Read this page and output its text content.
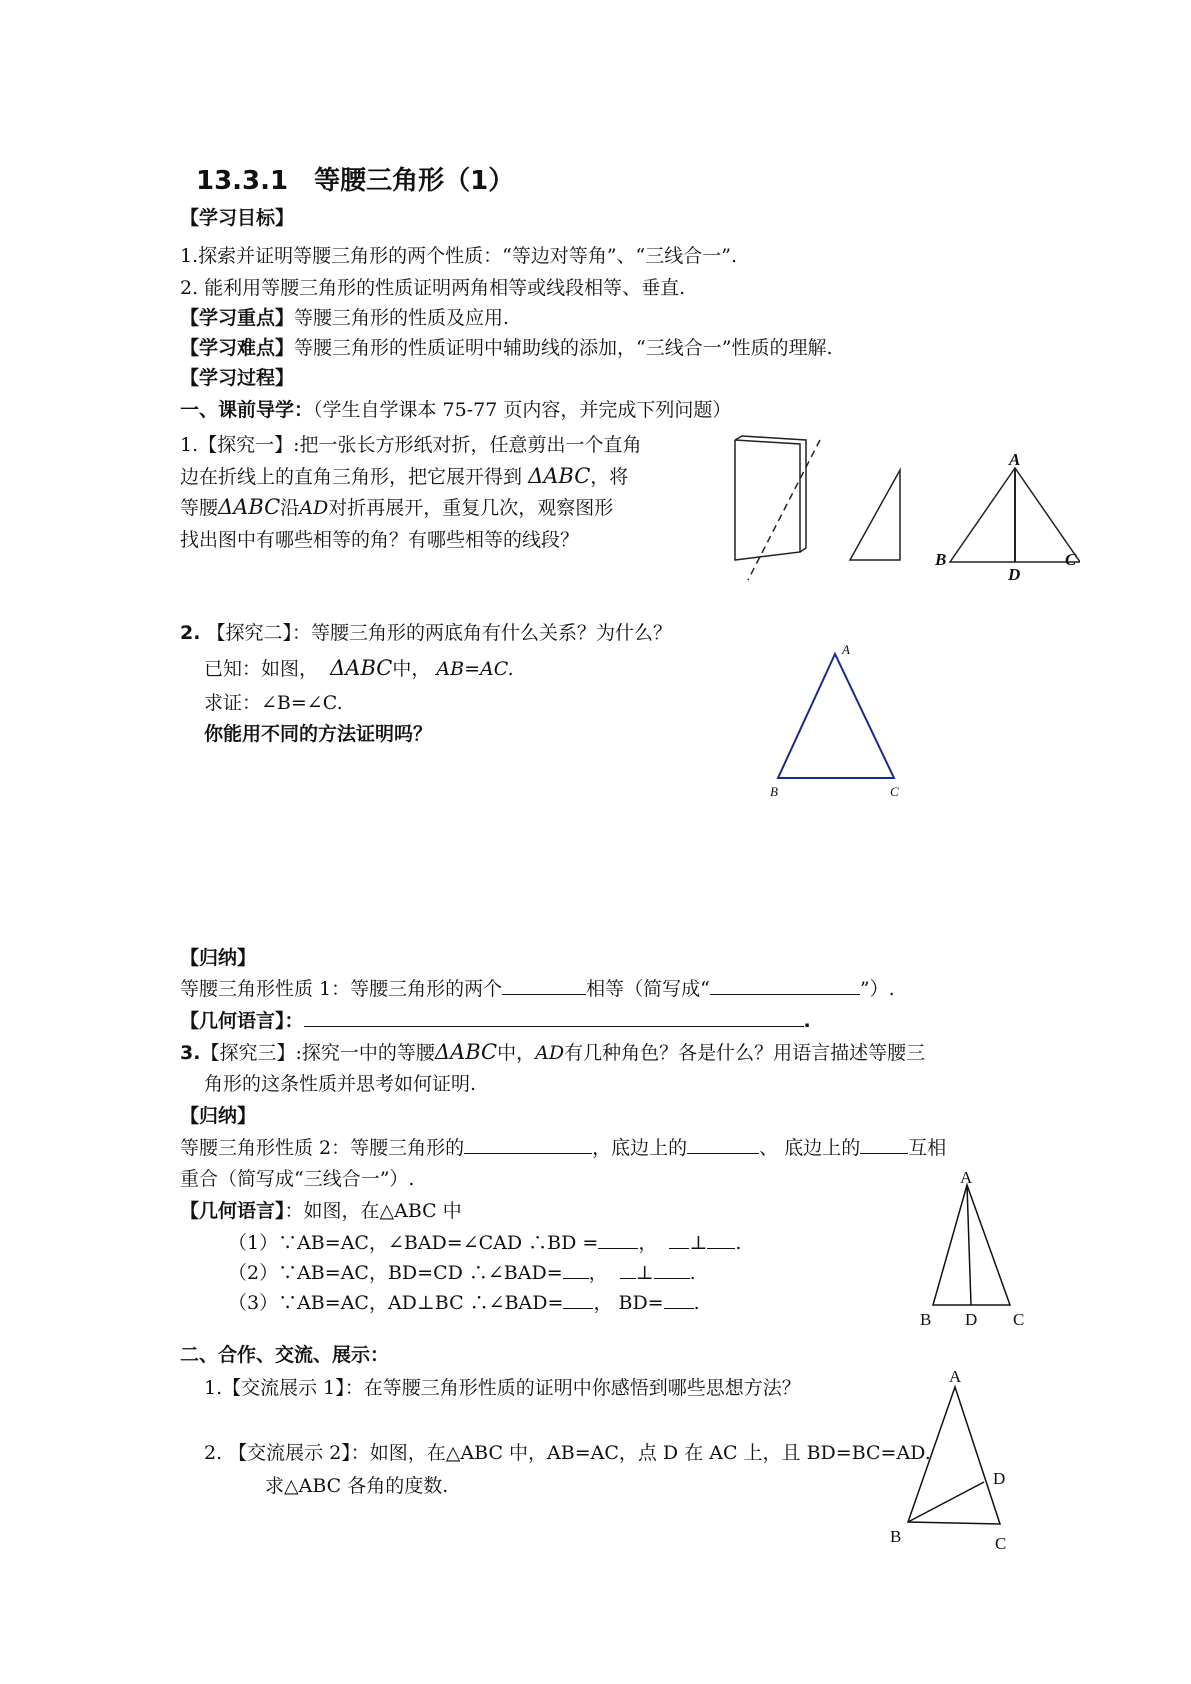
13.3.1　等腰三角形（1）
【学习目标】
1.探索并证明等腰三角形的两个性质：“等边对等角”、“三线合一”.
2. 能利用等腰三角形的性质证明两角相等或线段相等、垂直.
【学习重点】等腰三角形的性质及应用.
【学习难点】等腰三角形的性质证明中辅助线的添加，“三线合一”性质的理解.
【学习过程】
一、课前导学：（学生自学课本 75-77 页内容，并完成下列问题）
1.【探究一】:把一张长方形纸对折，任意剪出一个直角
边在折线上的直角三角形，把它展开得到 ΔABC，将
等腰ΔABC沿AD对折再展开，重复几次，观察图形
找出图中有哪些相等的角？有哪些相等的线段？
A
B
D
C
2. 【探究二】：等腰三角形的两底角有什么关系？为什么？
已知：如图， ΔABC中， AB=AC.
求证：∠B=∠C.
你能用不同的方法证明吗？
A
B	C
【归纳】
等腰三角形性质 1：等腰三角形的两个	相等（简写成“	”）.
【几何语言】：	.
3.【探究三】:探究一中的等腰ΔABC中，AD有几种角色？各是什么？用语言描述等腰三
角形的这条性质并思考如何证明.
【归纳】
等腰三角形性质 2：等腰三角形的	，底边上的	、 底边上的	互相
重合（简写成“三线合一”）.
【几何语言】：如图，在△ABC 中
（1）∵AB=AC，∠BAD=∠CAD ∴BD = ， ⊥ .
（2）∵AB=AC，BD=CD ∴∠BAD= ， ⊥ .
（3）∵AB=AC，AD⊥BC ∴∠BAD= ， BD= .
A
B D C
二、合作、交流、展示：
1.【交流展示 1】：在等腰三角形性质的证明中你感悟到哪些思想方法？
2. 【交流展示 2】：如图，在△ABC 中，AB=AC，点 D 在 AC 上，且 BD=BC=AD.
求△ABC 各角的度数.
A
D
B	C
